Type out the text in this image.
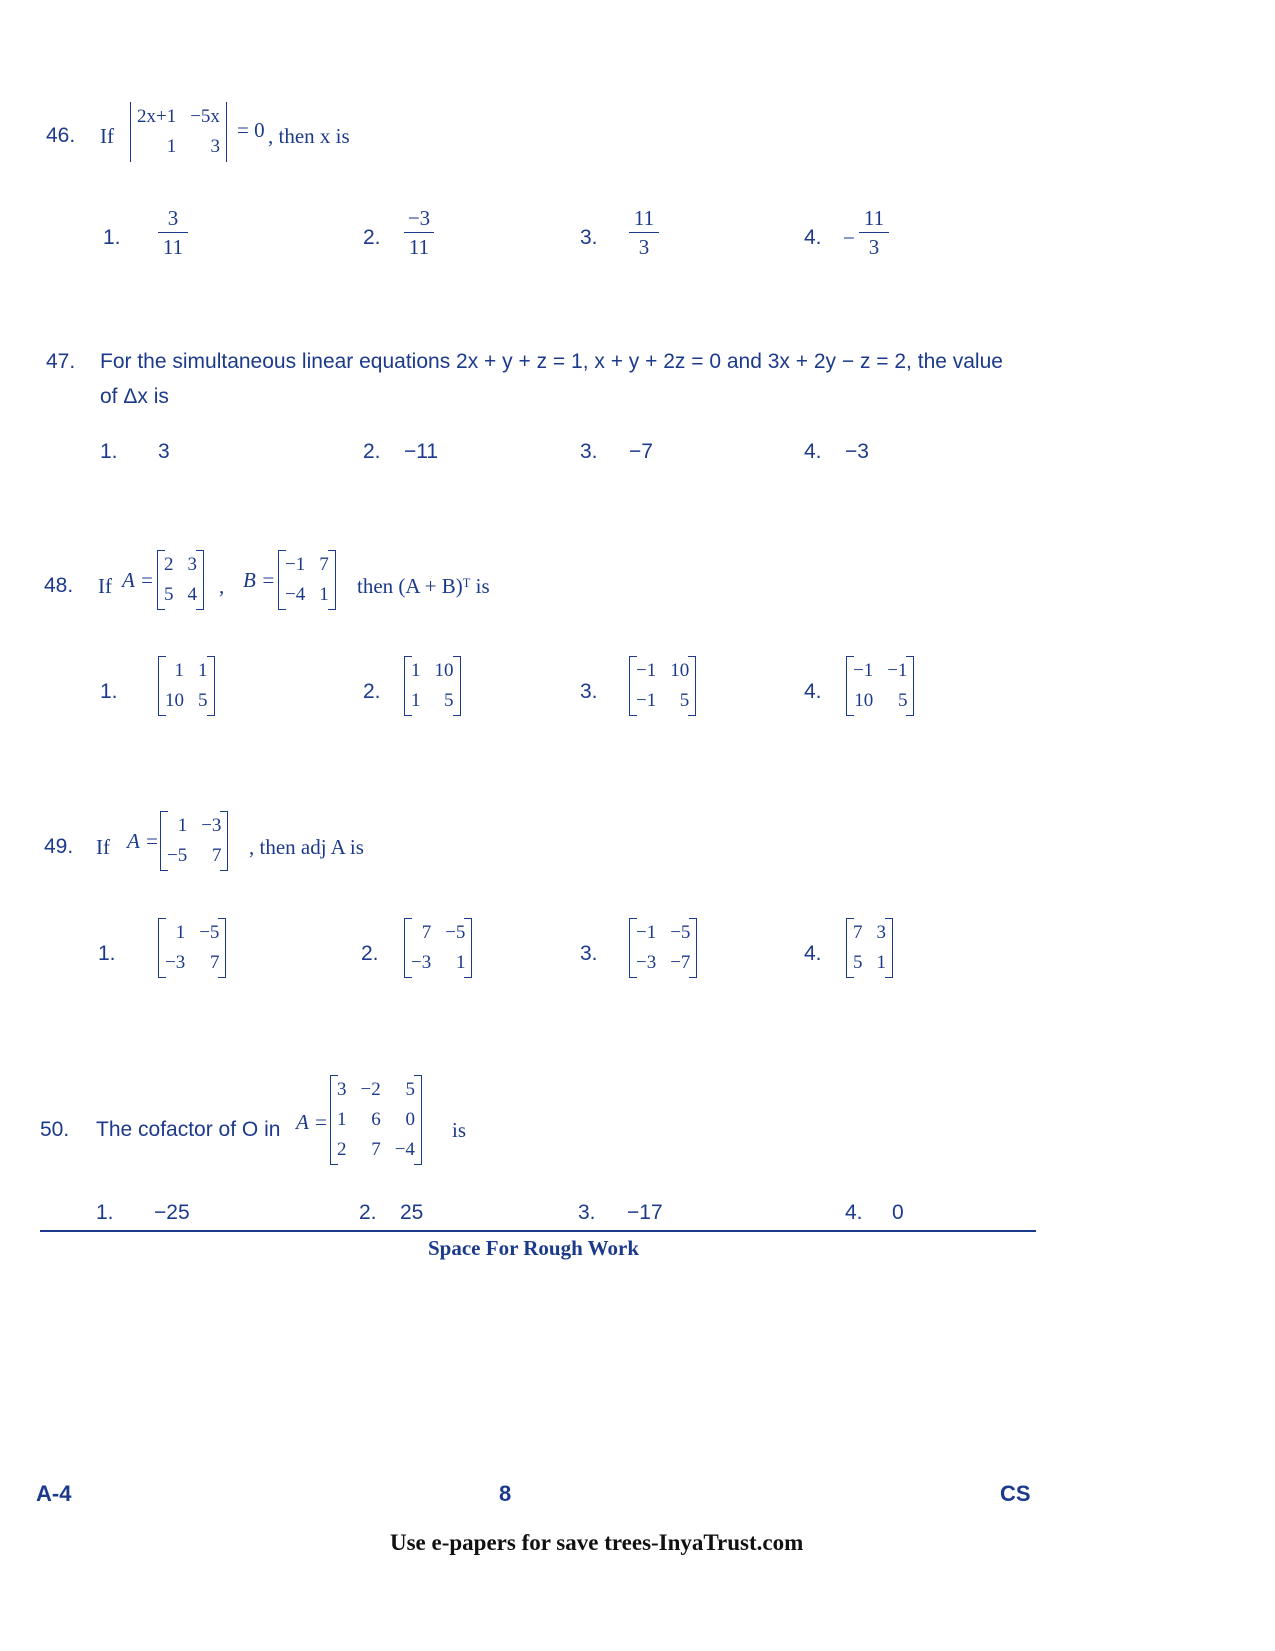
46. If
2x+1	−5x
1	3
= 0 , then x is
1.
3
11	2.
−3
11	3.
11
3	4. −
11
3
47. For the simultaneous linear equations 2x + y + z = 1, x + y + 2z = 0 and 3x + 2y − z = 2, the value
of Δx is
1. 3	2. −11	3. −7	4. −3
48. If A =
2	3
5	4 , B =
−1	7
−4	1 then (A + B)ᵀ is
1.
1	1
10	5	2.
1	10
1	5	3.
−1	10
−1	5	4.
−1	−1
10	5
49. If A =
1	−3
−5	7 , then adj A is
1.
1	−5
−3	7	2.
7	−5
−3	1	3.
−1	−5
−3	−7	4.
7	3
5	1
50. The cofactor of O in A =
3	−2	5
1	6	0
2	7	−4
is
1. −25	2. 25	3. −17	4. 0
Space For Rough Work
A-4	8	CS
Use e-papers for save trees-InyaTrust.com
